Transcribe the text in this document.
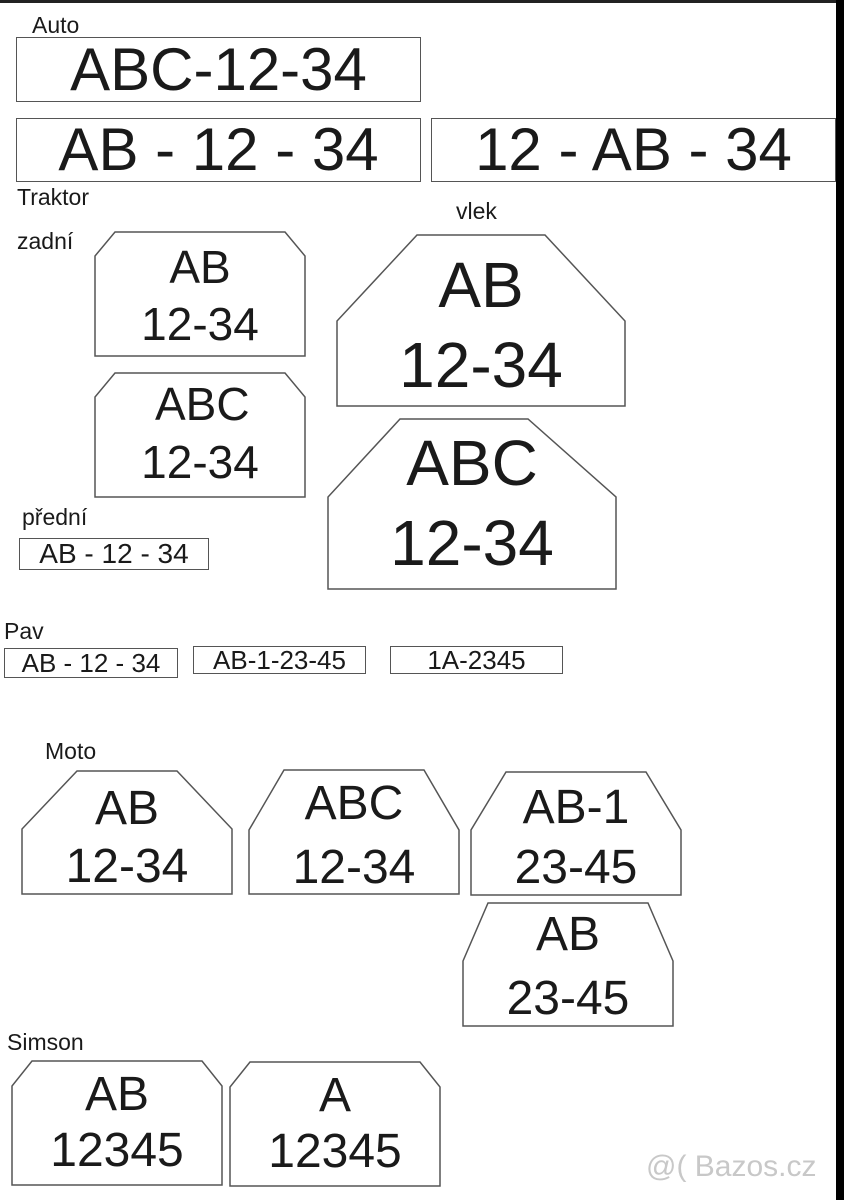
Auto
Traktor
zadní
vlek
přední
Pav
Moto
Simson
ABC-12-34
AB - 12 - 34	12 - AB - 34
AB
12-34
ABC
12-34
AB - 12 - 34
AB
12-34
ABC
12-34
AB - 12 - 34	AB-1-23-45	1A-2345
AB
12-34
ABC
12-34
AB-1
23-45
AB
23-45
AB
12345
A
12345	@( Bazos.cz
